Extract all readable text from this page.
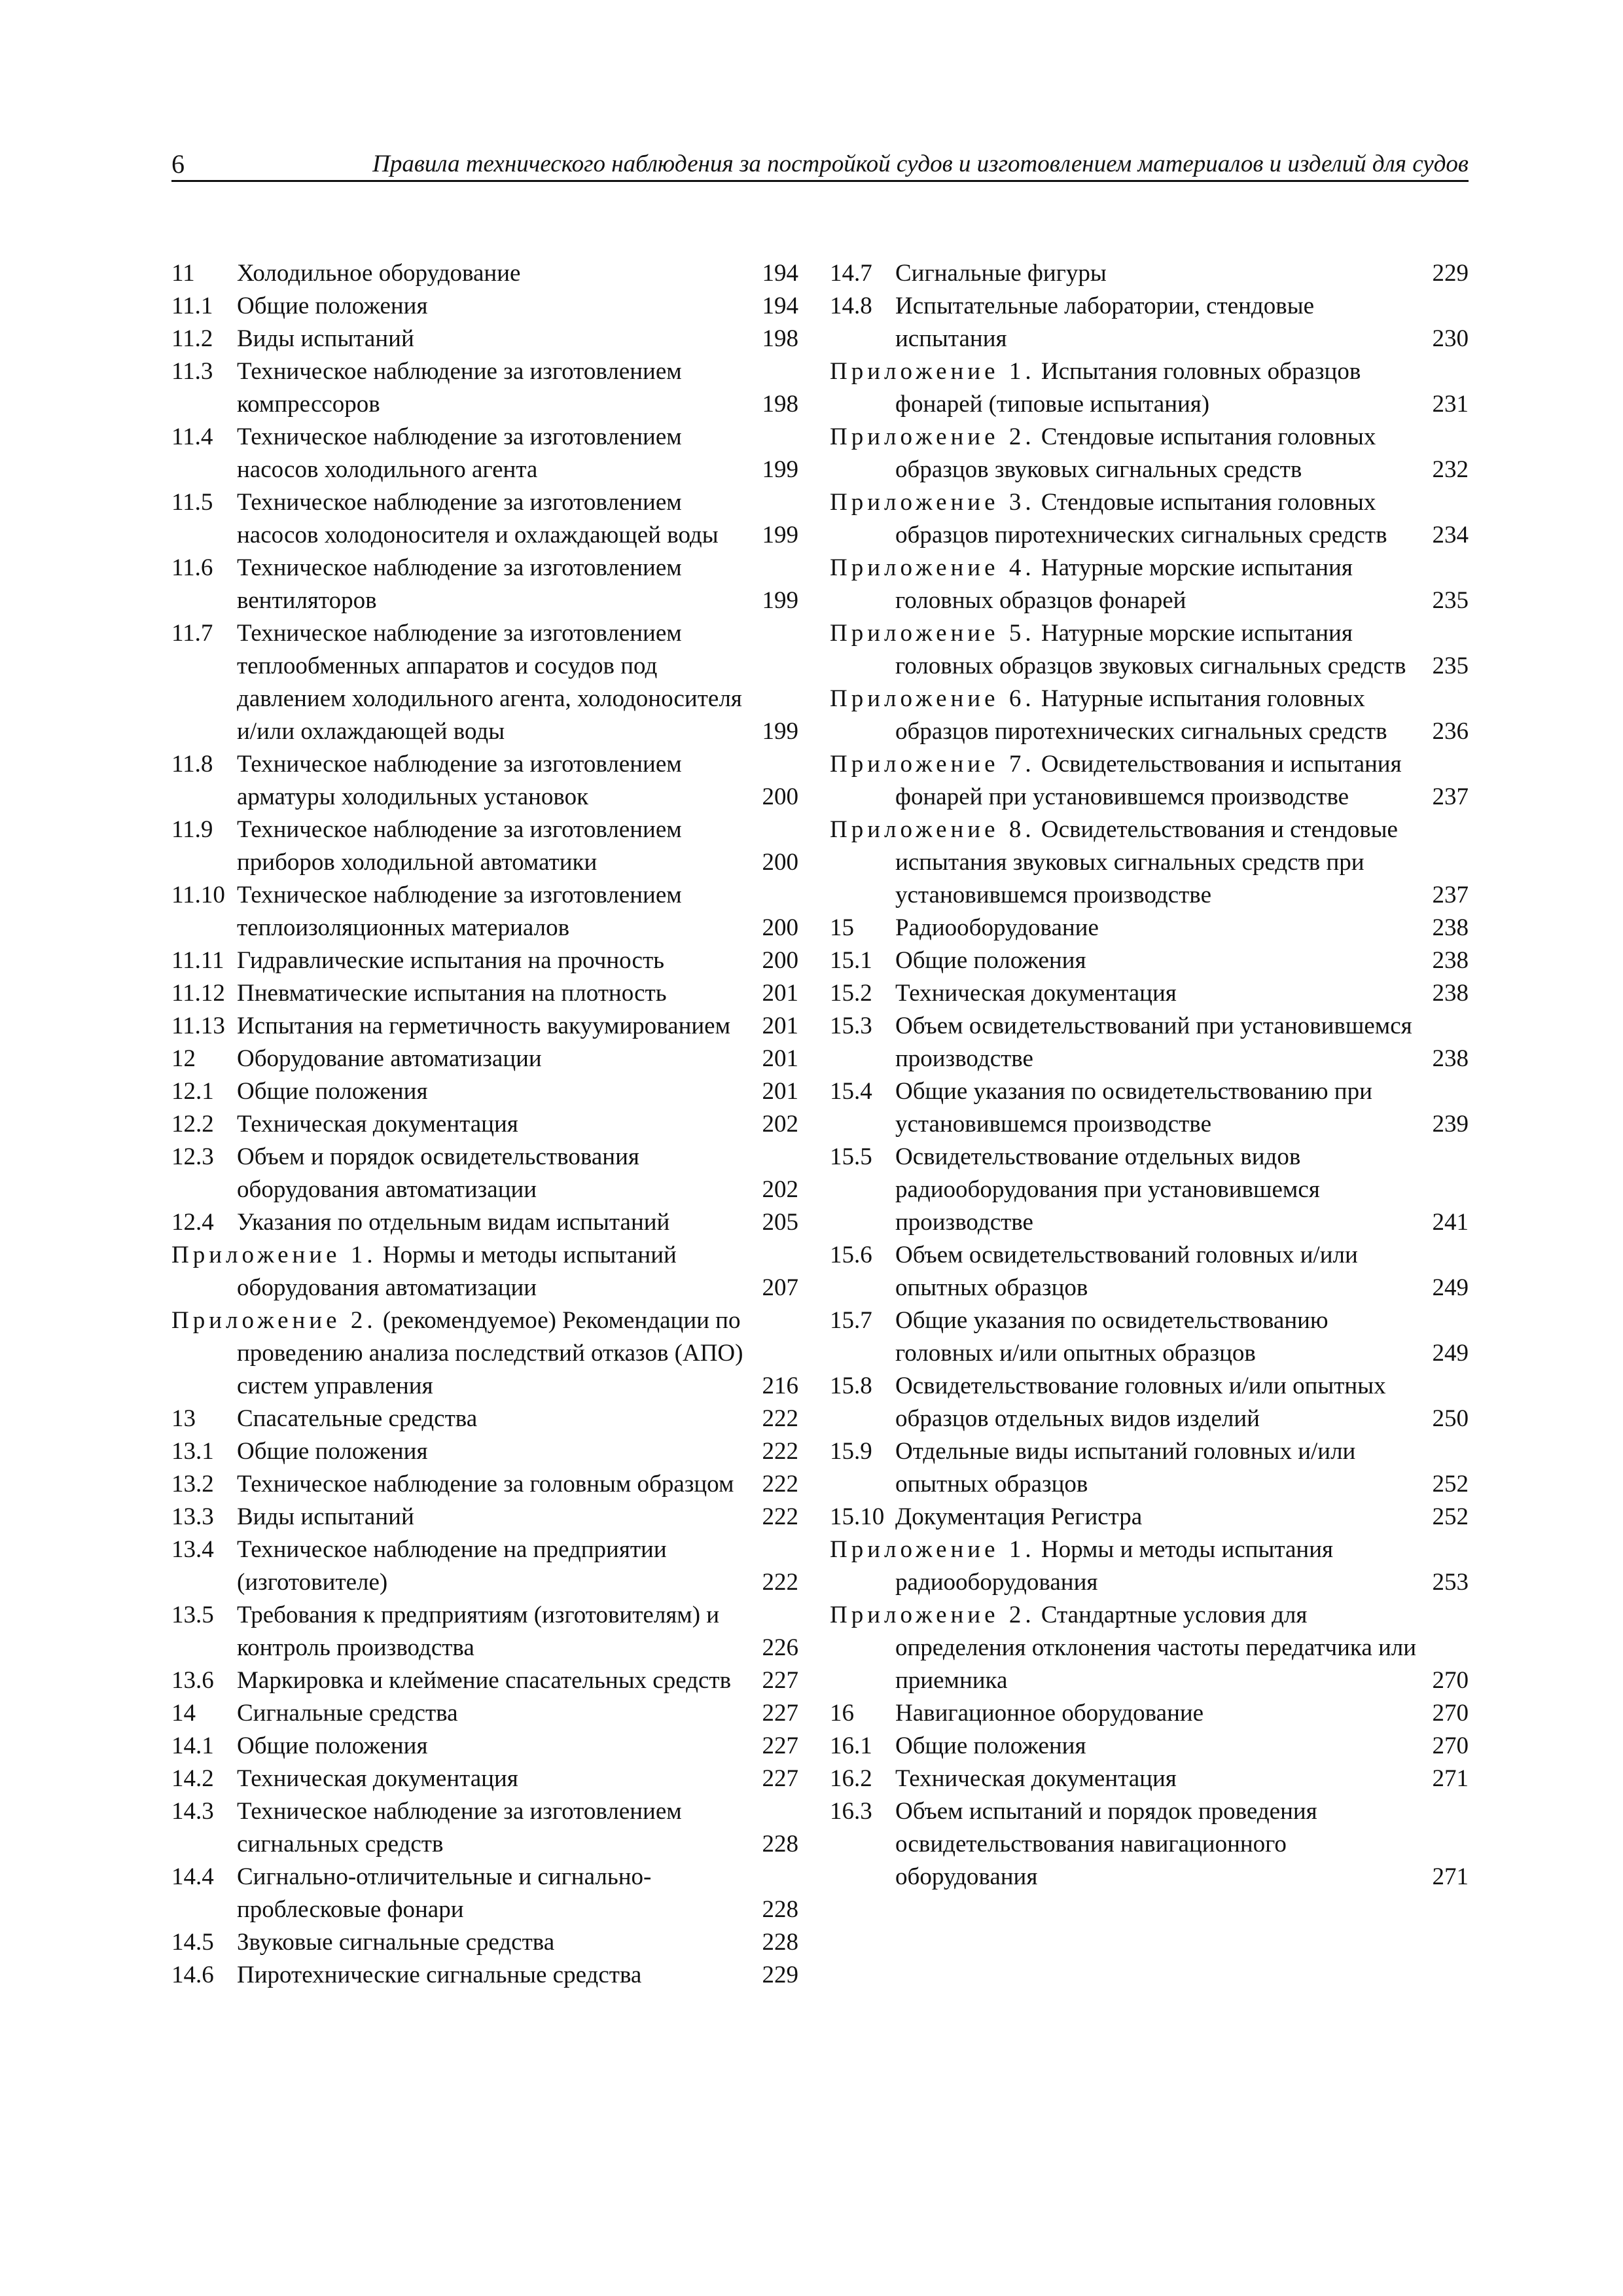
6	Правила технического наблюдения за постройкой судов и изготовлением материалов и изделий для судов
11 Холодильное оборудование	194
11.1 Общие положения	194
11.2 Виды испытаний	198
11.3 Техническое наблюдение за изготовлением компрессоров	198
11.4 Техническое наблюдение за изготовлением насосов холодильного агента	199
11.5 Техническое наблюдение за изготовлением насосов холодоносителя и охлаждающей воды	199
11.6 Техническое наблюдение за изготовлением вентиляторов	199
11.7 Техническое наблюдение за изготовлением теплообменных аппаратов и сосудов под давлением холодильного агента, холодоносителя и/или охлаждающей воды	199
11.8 Техническое наблюдение за изготовлением арматуры холодильных установок	200
11.9 Техническое наблюдение за изготовлением приборов холодильной автоматики	200
11.10 Техническое наблюдение за изготовлением теплоизоляционных материалов	200
11.11 Гидравлические испытания на прочность	200
11.12 Пневматические испытания на плотность	201
11.13 Испытания на герметичность вакуумированием	201
12 Оборудование автоматизации	201
12.1 Общие положения	201
12.2 Техническая документация	202
12.3 Объем и порядок освидетельствования оборудования автоматизации	202
12.4 Указания по отдельным видам испытаний	205
Приложение 1. Нормы и методы испытаний оборудования автоматизации	207
Приложение 2. (рекомендуемое) Рекомендации по проведению анализа последствий отказов (АПО) систем управления	216
13 Спасательные средства	222
13.1 Общие положения	222
13.2 Техническое наблюдение за головным образцом	222
13.3 Виды испытаний	222
13.4 Техническое наблюдение на предприятии (изготовителе)	222
13.5 Требования к предприятиям (изготовителям) и контроль производства	226
13.6 Маркировка и клеймение спасательных средств	227
14 Сигнальные средства	227
14.1 Общие положения	227
14.2 Техническая документация	227
14.3 Техническое наблюдение за изготовлением сигнальных средств	228
14.4 Сигнально-отличительные и сигнально-проблесковые фонари	228
14.5 Звуковые сигнальные средства	228
14.6 Пиротехнические сигнальные средства	229
14.7 Сигнальные фигуры	229
14.8 Испытательные лаборатории, стендовые испытания	230
Приложение 1. Испытания головных образцов фонарей (типовые испытания)	231
Приложение 2. Стендовые испытания головных образцов звуковых сигнальных средств	232
Приложение 3. Стендовые испытания головных образцов пиротехнических сигнальных средств	234
Приложение 4. Натурные морские испытания головных образцов фонарей	235
Приложение 5. Натурные морские испытания головных образцов звуковых сигнальных средств	235
Приложение 6. Натурные испытания головных образцов пиротехнических сигнальных средств	236
Приложение 7. Освидетельствования и испытания фонарей при установившемся производстве	237
Приложение 8. Освидетельствования и стендовые испытания звуковых сигнальных средств при установившемся производстве	237
15 Радиооборудование	238
15.1 Общие положения	238
15.2 Техническая документация	238
15.3 Объем освидетельствований при установившемся производстве	238
15.4 Общие указания по освидетельствованию при установившемся производстве	239
15.5 Освидетельствование отдельных видов радиооборудования при установившемся производстве	241
15.6 Объем освидетельствований головных и/или опытных образцов	249
15.7 Общие указания по освидетельствованию головных и/или опытных образцов	249
15.8 Освидетельствование головных и/или опытных образцов отдельных видов изделий	250
15.9 Отдельные виды испытаний головных и/или опытных образцов	252
15.10 Документация Регистра	252
Приложение 1. Нормы и методы испытания радиооборудования	253
Приложение 2. Стандартные условия для определения отклонения частоты передатчика или приемника	270
16 Навигационное оборудование	270
16.1 Общие положения	270
16.2 Техническая документация	271
16.3 Объем испытаний и порядок проведения освидетельствования навигационного оборудования	271
